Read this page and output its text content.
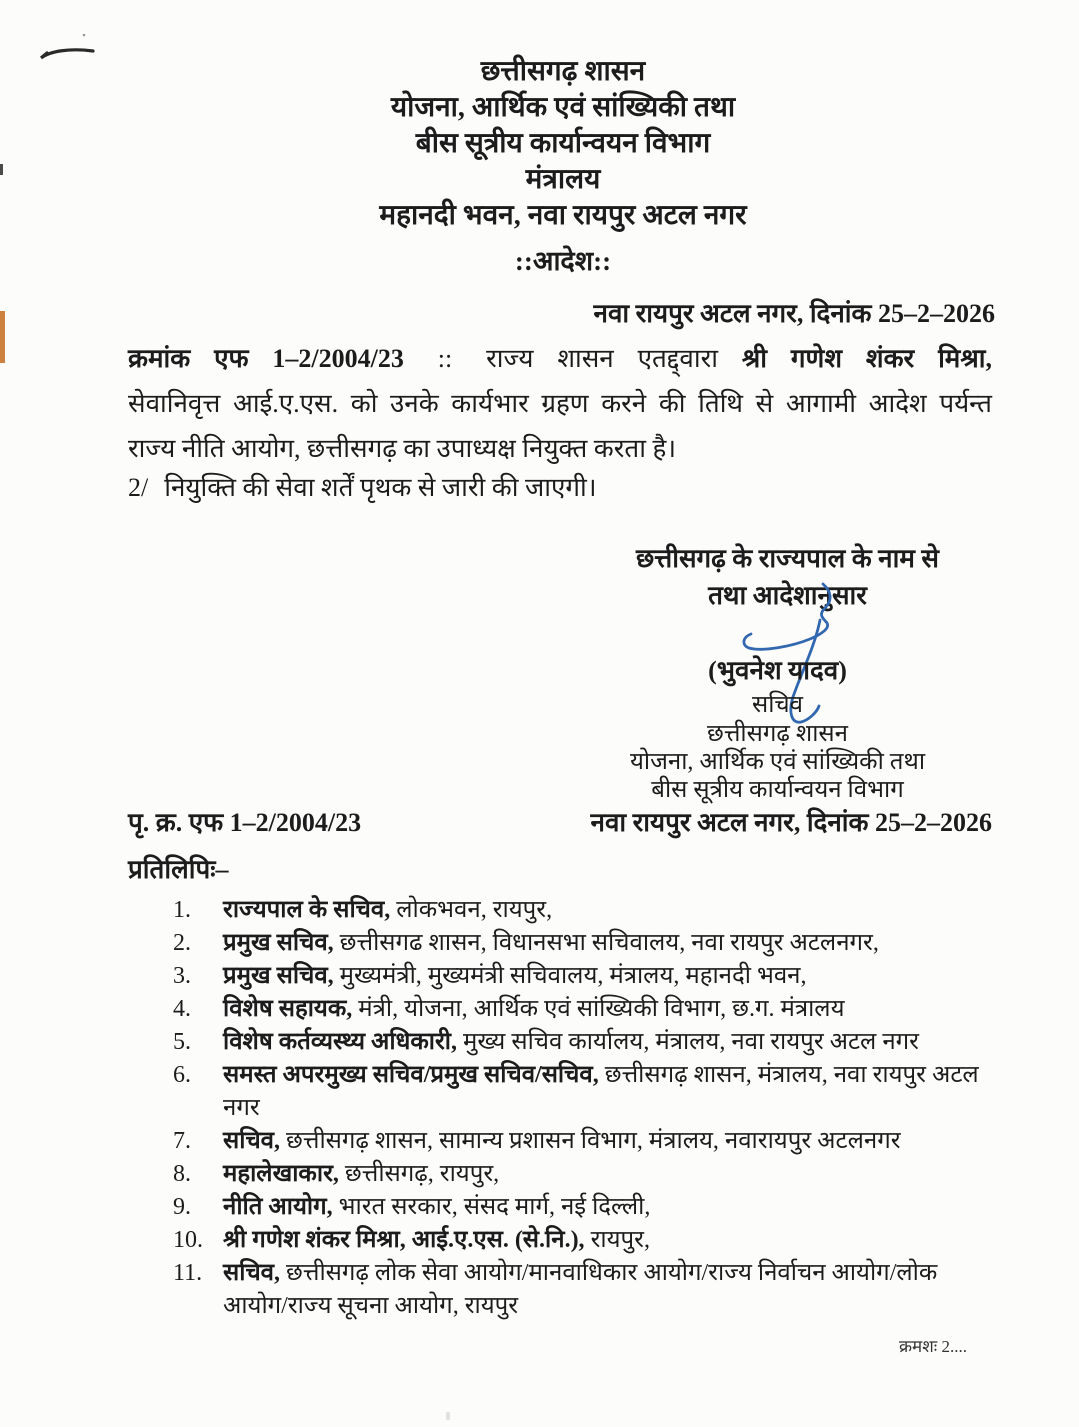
छत्तीसगढ़ शासन
योजना, आर्थिक एवं सांख्यिकी तथा
बीस सूत्रीय कार्यान्वयन विभाग
मंत्रालय
महानदी भवन, नवा रायपुर अटल नगर
::आदेश::
नवा रायपुर अटल नगर, दिनांक 25–2–2026
क्रमांक एफ 1–2/2004/23 :: राज्य शासन एतद्द्वारा श्री गणेश शंकर मिश्रा,
सेवानिवृत्त आई.ए.एस. को उनके कार्यभार ग्रहण करने की तिथि से आगामी आदेश पर्यन्त
राज्य नीति आयोग, छत्तीसगढ़ का उपाध्यक्ष नियुक्त करता है।
2/ नियुक्ति की सेवा शर्तें पृथक से जारी की जाएगी।
छत्तीसगढ़ के राज्यपाल के नाम से
तथा आदेशानुसार
(भुवनेश यादव)
सचिव
छत्तीसगढ़ शासन
योजना, आर्थिक एवं सांख्यिकी तथा
बीस सूत्रीय कार्यान्वयन विभाग
पृ. क्र. एफ 1–2/2004/23	नवा रायपुर अटल नगर, दिनांक 25–2–2026
प्रतिलिपिः–
1.	राज्यपाल के सचिव, लोकभवन, रायपुर,
2.	प्रमुख सचिव, छत्तीसगढ शासन, विधानसभा सचिवालय, नवा रायपुर अटलनगर,
3.	प्रमुख सचिव, मुख्यमंत्री, मुख्यमंत्री सचिवालय, मंत्रालय, महानदी भवन,
4.	विशेष सहायक, मंत्री, योजना, आर्थिक एवं सांख्यिकी विभाग, छ.ग. मंत्रालय
5.	विशेष कर्तव्यस्थ्य अधिकारी, मुख्य सचिव कार्यालय, मंत्रालय, नवा रायपुर अटल नगर
6.	समस्त अपरमुख्य सचिव/प्रमुख सचिव/सचिव, छत्तीसगढ़ शासन, मंत्रालय, नवा रायपुर अटल नगर
7.	सचिव, छत्तीसगढ़ शासन, सामान्य प्रशासन विभाग, मंत्रालय, नवारायपुर अटलनगर
8.	महालेखाकार, छत्तीसगढ़, रायपुर,
9.	नीति आयोग, भारत सरकार, संसद मार्ग, नई दिल्ली,
10. श्री गणेश शंकर मिश्रा, आई.ए.एस. (से.नि.), रायपुर,
11. सचिव, छत्तीसगढ़ लोक सेवा आयोग/मानवाधिकार आयोग/राज्य निर्वाचन आयोग/लोक आयोग/राज्य सूचना आयोग, रायपुर
क्रमशः 2....
